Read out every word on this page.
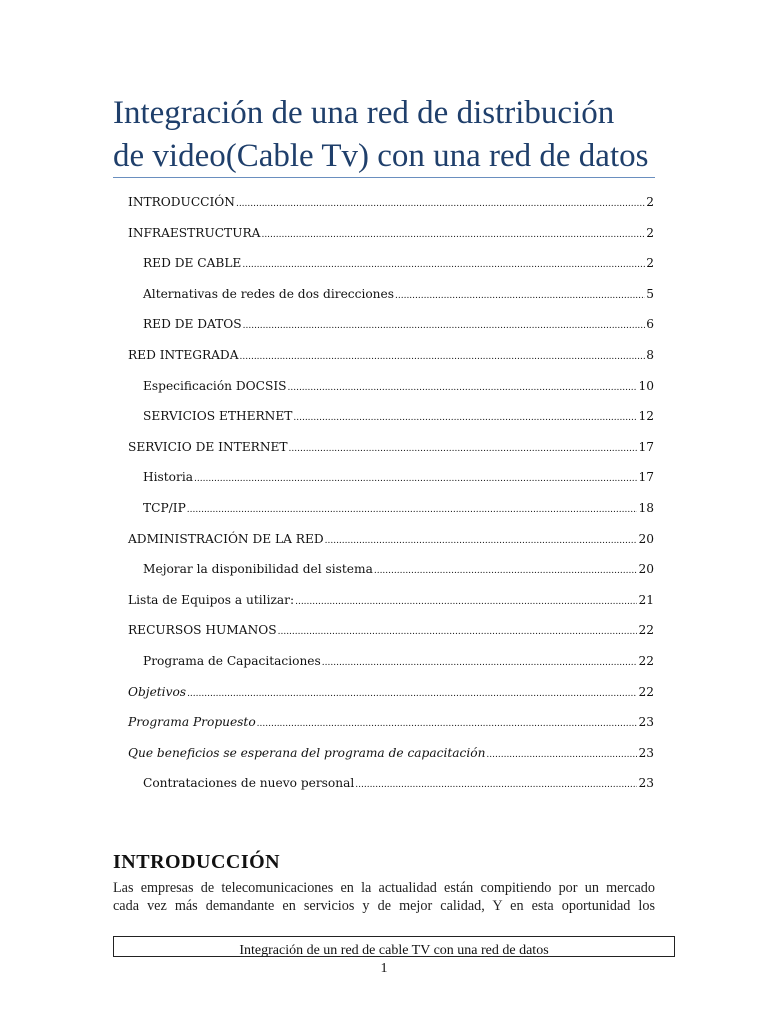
Integración de una red de distribución
de video(Cable Tv) con una red de datos
INTRODUCCIÓN .....	2
INFRAESTRUCTURA .....	2
RED DE CABLE .....	2
Alternativas de redes de dos direcciones .....	5
RED DE DATOS .....	6
RED INTEGRADA .....	8
Especificación DOCSIS .....	10
SERVICIOS ETHERNET .....	12
SERVICIO DE INTERNET .....	17
Historia .....	17
TCP/IP .....	18
ADMINISTRACIÓN DE LA RED .....	20
Mejorar la disponibilidad del sistema .....	20
Lista de Equipos a utilizar: .....	21
RECURSOS HUMANOS .....	22
Programa de Capacitaciones .....	22
Objetivos .....	22
Programa Propuesto .....	23
Que beneficios se esperana del programa de capacitación .....	23
Contrataciones de nuevo personal .....	23
INTRODUCCIÓN
Las empresas de telecomunicaciones en la actualidad están compitiendo por un mercado
cada vez más demandante en servicios y de mejor calidad, Y en esta oportunidad los
Integración de un red de cable TV con una red de datos
1
